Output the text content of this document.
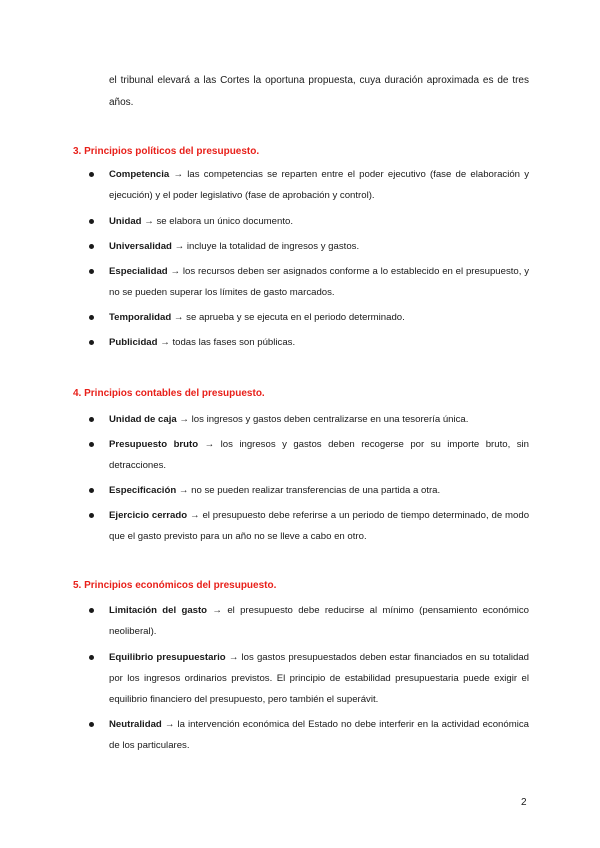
el tribunal elevará a las Cortes la oportuna propuesta, cuya duración aproximada es de tres años.

3. Principios políticos del presupuesto.
Competencia → las competencias se reparten entre el poder ejecutivo (fase de elaboración y ejecución) y el poder legislativo (fase de aprobación y control).
Unidad → se elabora un único documento.
Universalidad → incluye la totalidad de ingresos y gastos.
Especialidad → los recursos deben ser asignados conforme a lo establecido en el presupuesto, y no se pueden superar los límites de gasto marcados.
Temporalidad → se aprueba y se ejecuta en el periodo determinado.
Publicidad → todas las fases son públicas.
4. Principios contables del presupuesto.
Unidad de caja → los ingresos y gastos deben centralizarse en una tesorería única.
Presupuesto bruto → los ingresos y gastos deben recogerse por su importe bruto, sin detracciones.
Especificación → no se pueden realizar transferencias de una partida a otra.
Ejercicio cerrado → el presupuesto debe referirse a un periodo de tiempo determinado, de modo que el gasto previsto para un año no se lleve a cabo en otro.
5. Principios económicos del presupuesto.
Limitación del gasto → el presupuesto debe reducirse al mínimo (pensamiento económico neoliberal).
Equilibrio presupuestario → los gastos presupuestados deben estar financiados en su totalidad por los ingresos ordinarios previstos. El principio de estabilidad presupuestaria puede exigir el equilibrio financiero del presupuesto, pero también el superávit.
Neutralidad → la intervención económica del Estado no debe interferir en la actividad económica de los particulares.
2
